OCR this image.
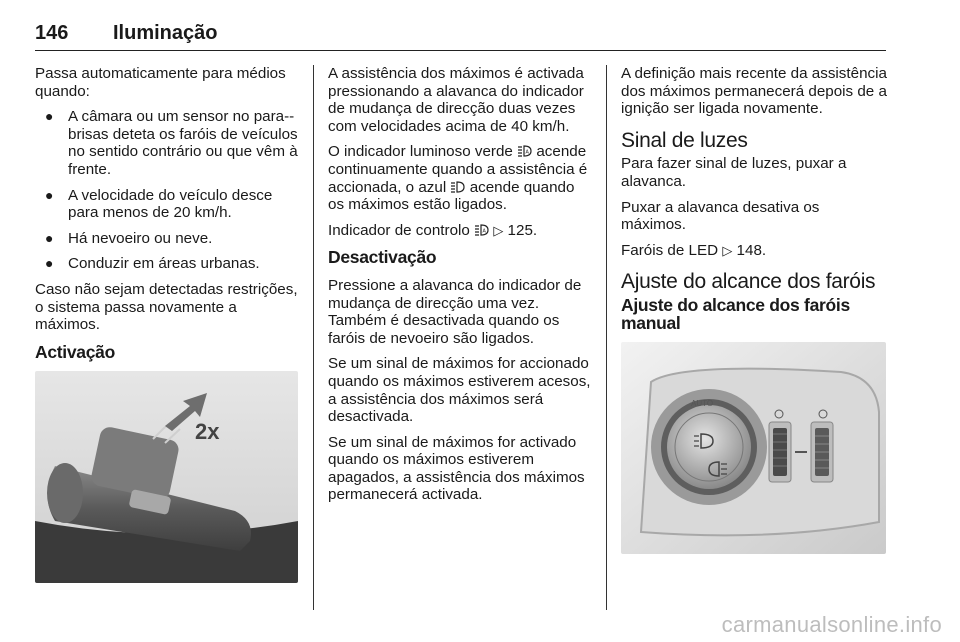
146 Iluminação

Passa automaticamente para médios quando:

● A câmara ou um sensor no para--brisas deteta os faróis de veículos no sentido contrário ou que vêm à frente.
● A velocidade do veículo desce para menos de 20 km/h.
● Há nevoeiro ou neve.
● Conduzir em áreas urbanas.

Caso não sejam detectadas restrições, o sistema passa novamente a máximos.

Activação
2x

A assistência dos máximos é activada pressionando a alavanca do indicador de mudança de direcção duas vezes com velocidades acima de 40 km/h.

O indicador luminoso verde	A acende continuamente quando a assistência é accionada, o azul acende quando os máximos estão ligados.

Indicador de controlo	A ▷ 125.

Desactivação

Pressione a alavanca do indicador de mudança de direcção uma vez. Também é desactivada quando os faróis de nevoeiro são ligados.

Se um sinal de máximos for accionado quando os máximos estiverem acesos, a assistência dos máximos será desactivada.

Se um sinal de máximos for activado quando os máximos estiverem apagados, a assistência dos máximos permanecerá activada.

A definição mais recente da assistência dos máximos permanecerá depois de a ignição ser ligada novamente.

Sinal de luzes

Para fazer sinal de luzes, puxar a alavanca.

Puxar a alavanca desativa os máximos.

Faróis de LED ▷ 148.

Ajuste do alcance dos faróis
Ajuste do alcance dos faróis manual
AUTO
carmanualsonline.info
